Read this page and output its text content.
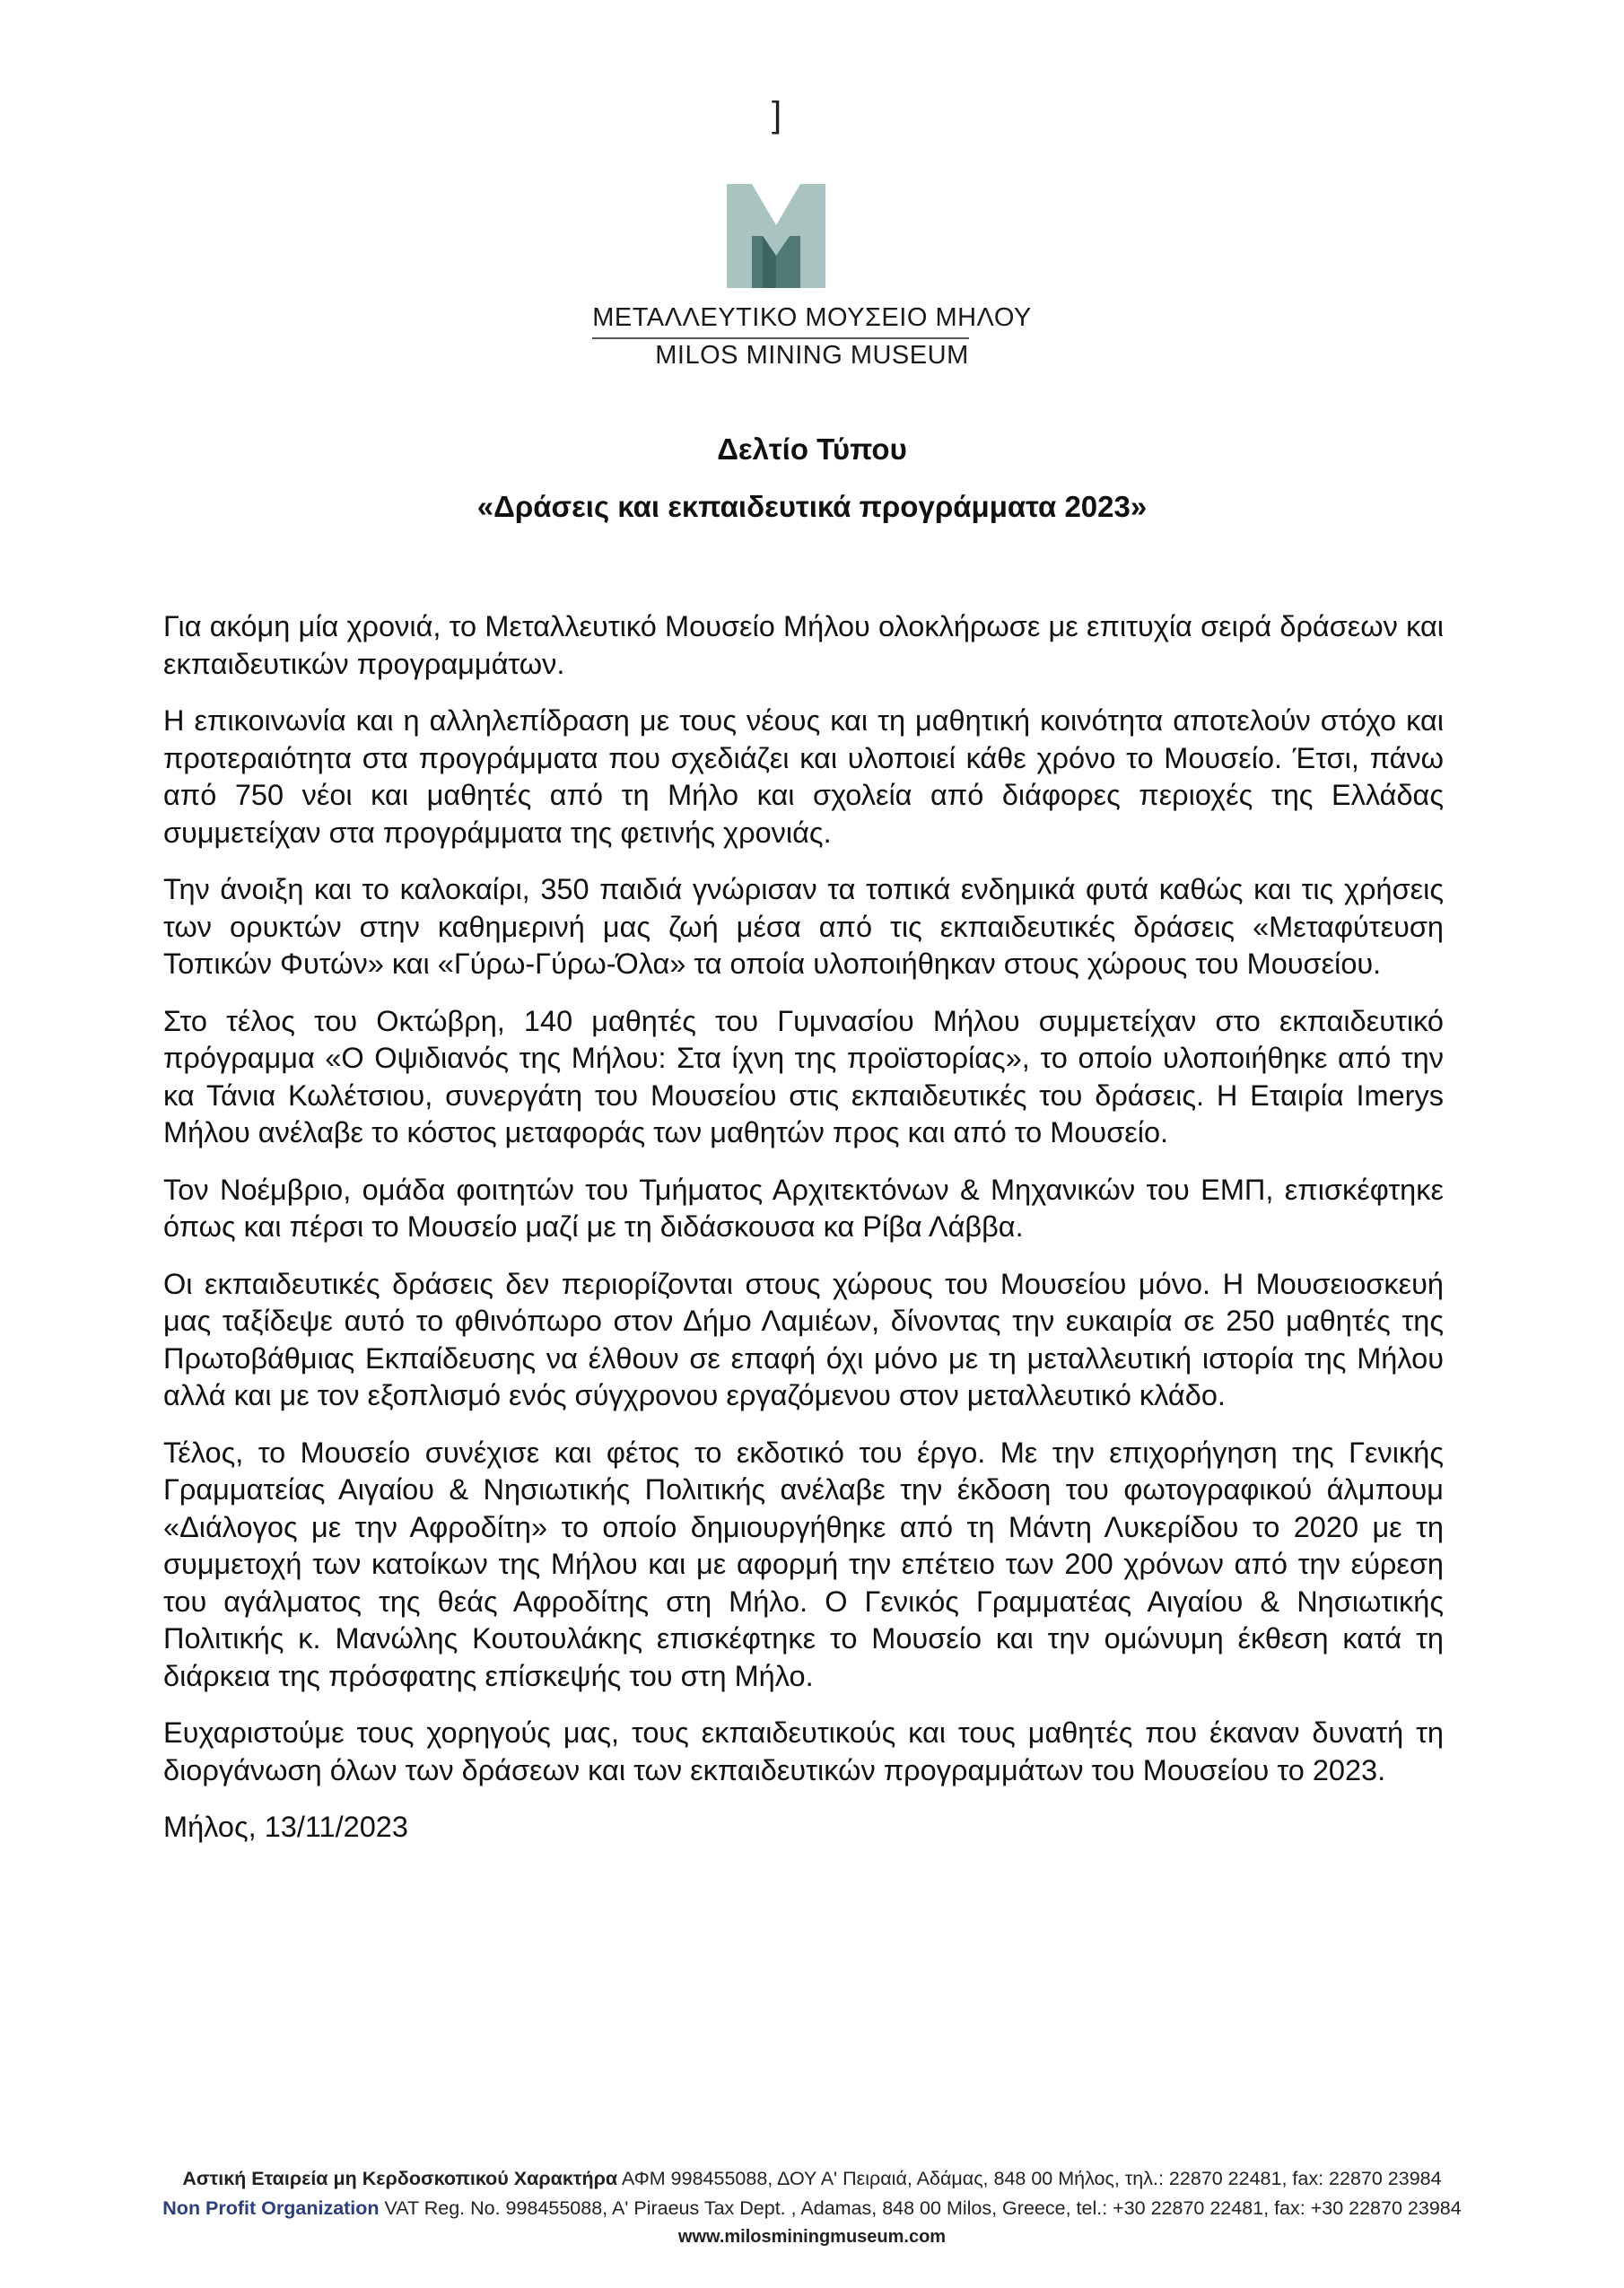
]
ΜΕΤΑΛΛΕΥΤΙΚΟ ΜΟΥΣΕΙΟ ΜΗΛΟΥ
MILOS MINING MUSEUM
Δελτίο Τύπου
«Δράσεις και εκπαιδευτικά προγράμματα 2023»

Για ακόμη μία χρονιά, το Μεταλλευτικό Μουσείο Μήλου ολοκλήρωσε με επιτυχία σειρά δράσεων και εκπαιδευτικών προγραμμάτων.

Η επικοινωνία και η αλληλεπίδραση με τους νέους και τη μαθητική κοινότητα αποτελούν στόχο και προτεραιότητα στα προγράμματα που σχεδιάζει και υλοποιεί κάθε χρόνο το Μουσείο. Έτσι, πάνω από 750 νέοι και μαθητές από τη Μήλο και σχολεία από διάφορες περιοχές της Ελλάδας συμμετείχαν στα προγράμματα της φετινής χρονιάς.

Την άνοιξη και το καλοκαίρι, 350 παιδιά γνώρισαν τα τοπικά ενδημικά φυτά καθώς και τις χρήσεις των ορυκτών στην καθημερινή μας ζωή μέσα από τις εκπαιδευτικές δράσεις «Μεταφύτευση Τοπικών Φυτών» και «Γύρω-Γύρω-Όλα» τα οποία υλοποιήθηκαν στους χώρους του Μουσείου.

Στο τέλος του Οκτώβρη, 140 μαθητές του Γυμνασίου Μήλου συμμετείχαν στο εκπαιδευτικό πρόγραμμα «Ο Οψιδιανός της Μήλου: Στα ίχνη της προϊστορίας», το οποίο υλοποιήθηκε από την κα Τάνια Κωλέτσιου, συνεργάτη του Μουσείου στις εκπαιδευτικές του δράσεις. Η Εταιρία Imerys Μήλου ανέλαβε το κόστος μεταφοράς των μαθητών προς και από το Μουσείο.

Τον Νοέμβριο, ομάδα φοιτητών του Τμήματος Αρχιτεκτόνων & Μηχανικών του ΕΜΠ, επισκέφτηκε όπως και πέρσι το Μουσείο μαζί με τη διδάσκουσα κα Ρίβα Λάββα.

Οι εκπαιδευτικές δράσεις δεν περιορίζονται στους χώρους του Μουσείου μόνο. Η Μουσειοσκευή μας ταξίδεψε αυτό το φθινόπωρο στον Δήμο Λαμιέων, δίνοντας την ευκαιρία σε 250 μαθητές της Πρωτοβάθμιας Εκπαίδευσης να έλθουν σε επαφή όχι μόνο με τη μεταλλευτική ιστορία της Μήλου αλλά και με τον εξοπλισμό ενός σύγχρονου εργαζόμενου στον μεταλλευτικό κλάδο.

Τέλος, το Μουσείο συνέχισε και φέτος το εκδοτικό του έργο. Με την επιχορήγηση της Γενικής Γραμματείας Αιγαίου & Νησιωτικής Πολιτικής ανέλαβε την έκδοση του φωτογραφικού άλμπουμ «Διάλογος με την Αφροδίτη» το οποίο δημιουργήθηκε από τη Μάντη Λυκερίδου το 2020 με τη συμμετοχή των κατοίκων της Μήλου και με αφορμή την επέτειο των 200 χρόνων από την εύρεση του αγάλματος της θεάς Αφροδίτης στη Μήλο. Ο Γενικός Γραμματέας Αιγαίου & Νησιωτικής Πολιτικής κ. Μανώλης Κουτουλάκης επισκέφτηκε το Μουσείο και την ομώνυμη έκθεση κατά τη διάρκεια της πρόσφατης επίσκεψής του στη Μήλο.

Ευχαριστούμε τους χορηγούς μας, τους εκπαιδευτικούς και τους μαθητές που έκαναν δυνατή τη διοργάνωση όλων των δράσεων και των εκπαιδευτικών προγραμμάτων του Μουσείου το 2023.

Μήλος, 13/11/2023

Αστική Εταιρεία μη Κερδοσκοπικού Χαρακτήρα ΑΦΜ 998455088, ΔΟΥ Α' Πειραιά, Αδάμας, 848 00 Μήλος, τηλ.: 22870 22481, fax: 22870 23984
Non Profit Organization VAT Reg. No. 998455088, A' Piraeus Tax Dept. , Adamas, 848 00 Milos, Greece, tel.: +30 22870 22481, fax: +30 22870 23984
www.milosminingmuseum.com
